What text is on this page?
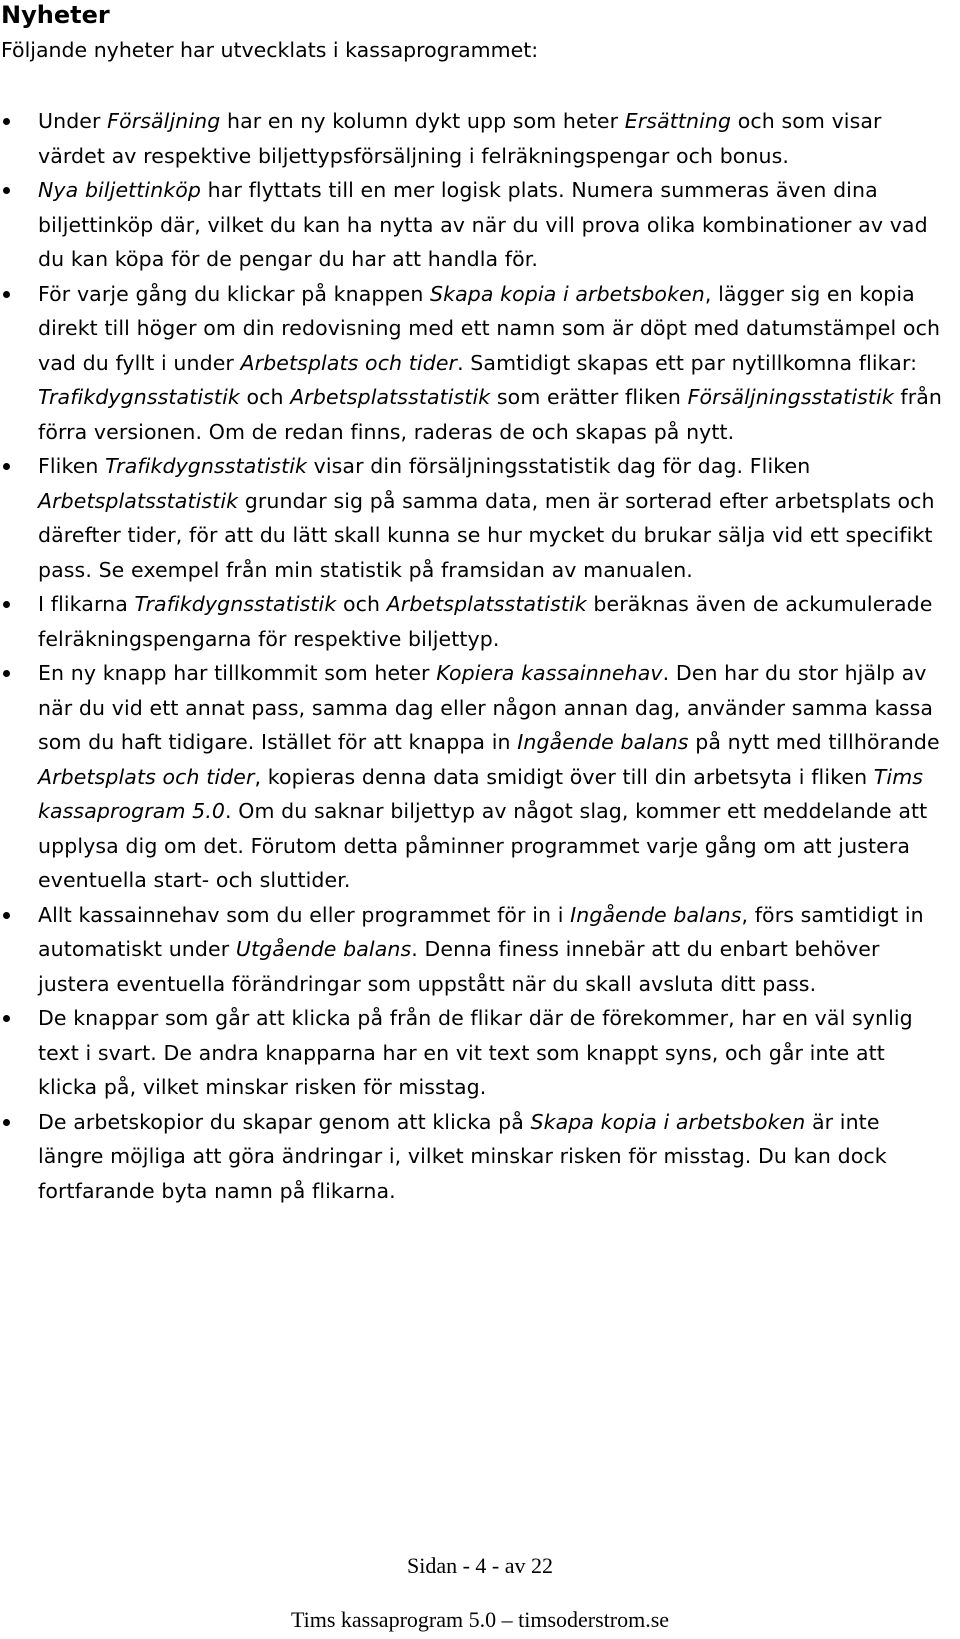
Nyheter

Följande nyheter har utvecklats i kassaprogrammet:

Under Försäljning har en ny kolumn dykt upp som heter Ersättning och som visar värdet av respektive biljettypsförsäljning i felräkningspengar och bonus.

Nya biljettinköp har flyttats till en mer logisk plats. Numera summeras även dina biljettinköp där, vilket du kan ha nytta av när du vill prova olika kombinationer av vad du kan köpa för de pengar du har att handla för.

För varje gång du klickar på knappen Skapa kopia i arbetsboken, lägger sig en kopia direkt till höger om din redovisning med ett namn som är döpt med datumstämpel och vad du fyllt i under Arbetsplats och tider. Samtidigt skapas ett par nytillkomna flikar: Trafikdygnsstatistik och Arbetsplatsstatistik som erätter fliken Försäljningsstatistik från förra versionen. Om de redan finns, raderas de och skapas på nytt.

Fliken Trafikdygnsstatistik visar din försäljningsstatistik dag för dag. Fliken Arbetsplatsstatistik grundar sig på samma data, men är sorterad efter arbetsplats och därefter tider, för att du lätt skall kunna se hur mycket du brukar sälja vid ett specifikt pass. Se exempel från min statistik på framsidan av manualen.

I flikarna Trafikdygnsstatistik och Arbetsplatsstatistik beräknas även de ackumulerade felräkningspengarna för respektive biljettyp.

En ny knapp har tillkommit som heter Kopiera kassainnehav. Den har du stor hjälp av när du vid ett annat pass, samma dag eller någon annan dag, använder samma kassa som du haft tidigare. Istället för att knappa in Ingående balans på nytt med tillhörande Arbetsplats och tider, kopieras denna data smidigt över till din arbetsyta i fliken Tims kassaprogram 5.0. Om du saknar biljettyp av något slag, kommer ett meddelande att upplysa dig om det. Förutom detta påminner programmet varje gång om att justera eventuella start- och sluttider.

Allt kassainnehav som du eller programmet för in i Ingående balans, förs samtidigt in automatiskt under Utgående balans. Denna finess innebär att du enbart behöver justera eventuella förändringar som uppstått när du skall avsluta ditt pass.

De knappar som går att klicka på från de flikar där de förekommer, har en väl synlig text i svart. De andra knapparna har en vit text som knappt syns, och går inte att klicka på, vilket minskar risken för misstag.

De arbetskopior du skapar genom att klicka på Skapa kopia i arbetsboken är inte längre möjliga att göra ändringar i, vilket minskar risken för misstag. Du kan dock fortfarande byta namn på flikarna.

Sidan - 4 - av 22
Tims kassaprogram 5.0 – timsoderstrom.se
